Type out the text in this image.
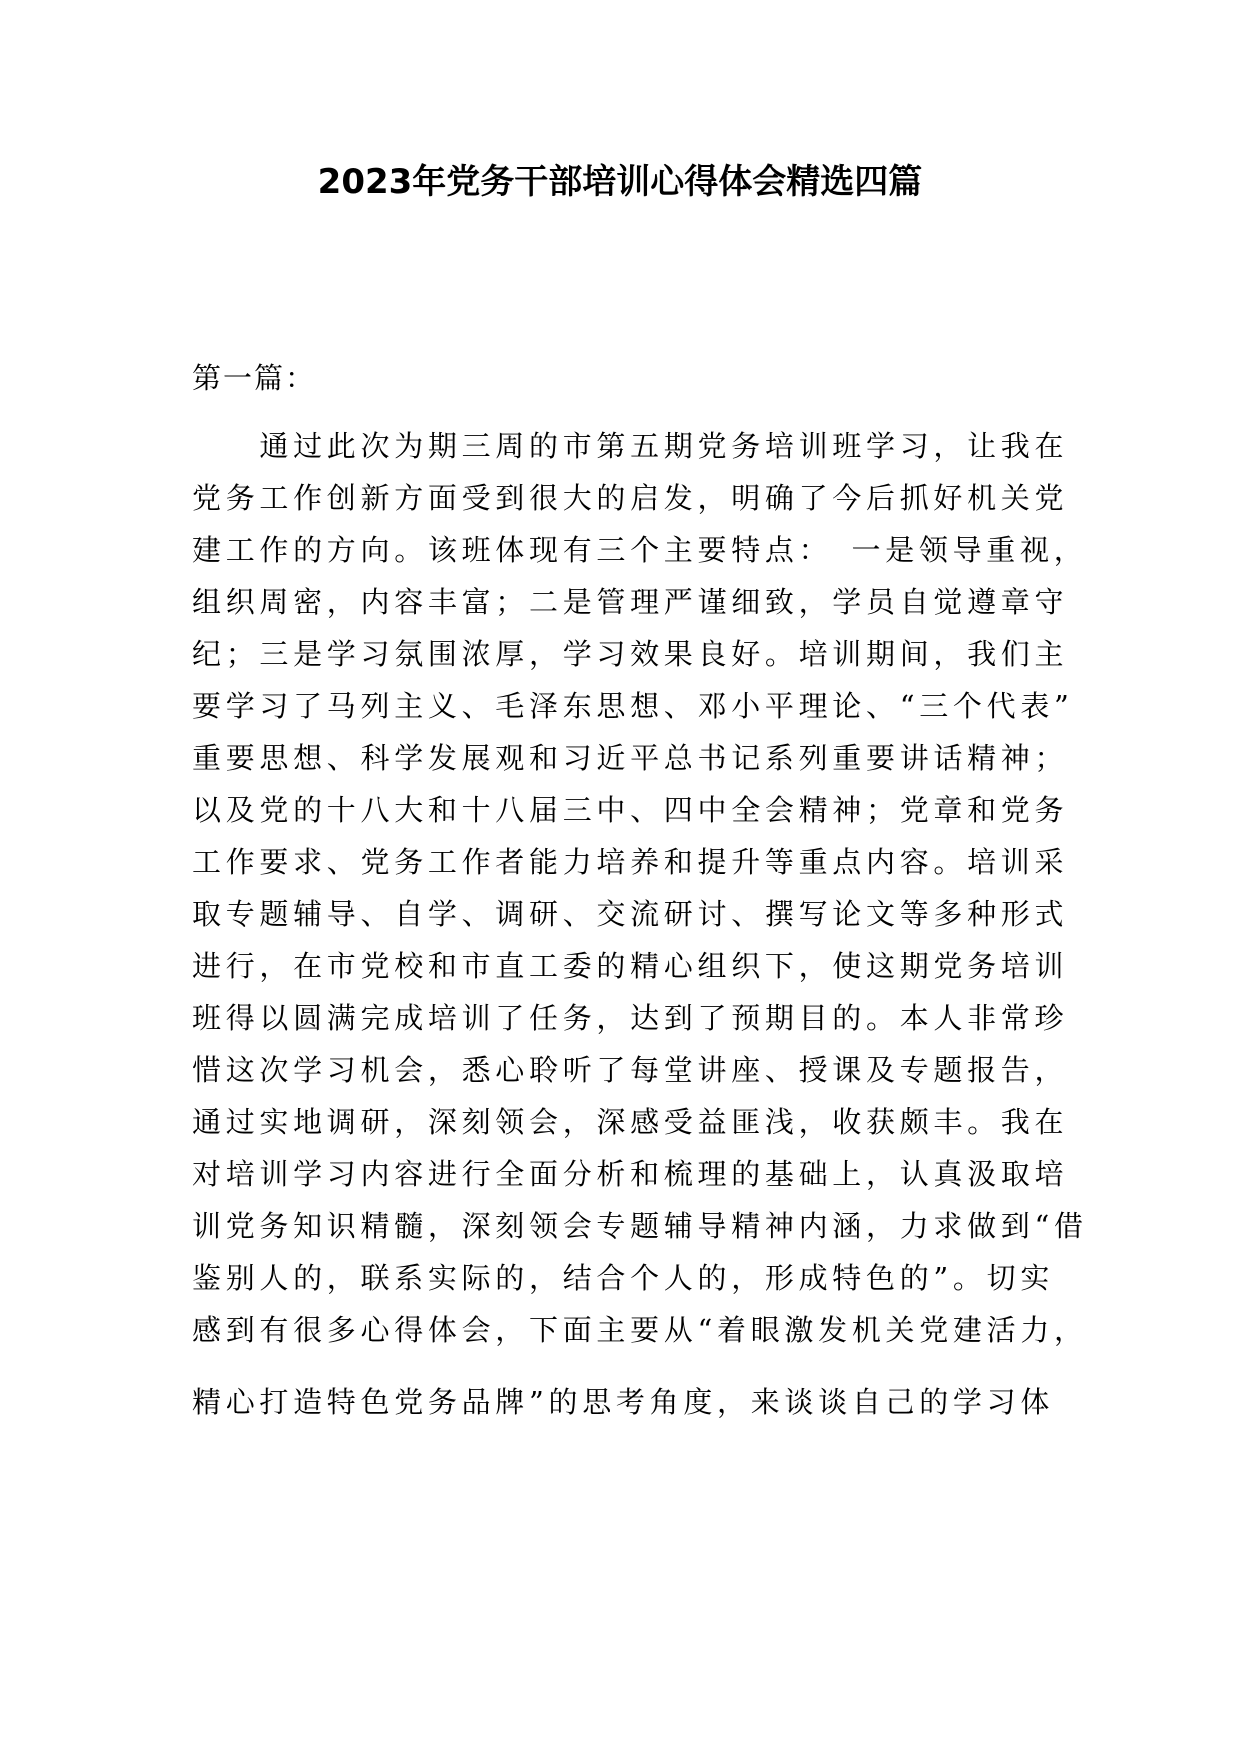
2023年党务干部培训心得体会精选四篇

第一篇：

　　通过此次为期三周的市第五期党务培训班学习，让我在
党务工作创新方面受到很大的启发，明确了今后抓好机关党
建工作的方向。该班体现有三个主要特点：　一是领导重视，
组织周密，内容丰富；二是管理严谨细致，学员自觉遵章守
纪；三是学习氛围浓厚，学习效果良好。培训期间，我们主
要学习了马列主义、毛泽东思想、邓小平理论、“三个代表”
重要思想、科学发展观和习近平总书记系列重要讲话精神；
以及党的十八大和十八届三中、四中全会精神；党章和党务
工作要求、党务工作者能力培养和提升等重点内容。培训采
取专题辅导、自学、调研、交流研讨、撰写论文等多种形式
进行，在市党校和市直工委的精心组织下，使这期党务培训
班得以圆满完成培训了任务，达到了预期目的。本人非常珍
惜这次学习机会，悉心聆听了每堂讲座、授课及专题报告，
通过实地调研，深刻领会，深感受益匪浅，收获颇丰。我在
对培训学习内容进行全面分析和梳理的基础上，认真汲取培
训党务知识精髓，深刻领会专题辅导精神内涵，力求做到“借
鉴别人的，联系实际的，结合个人的，形成特色的”。切实
感到有很多心得体会，下面主要从“着眼激发机关党建活力，
精心打造特色党务品牌”的思考角度，来谈谈自己的学习体
